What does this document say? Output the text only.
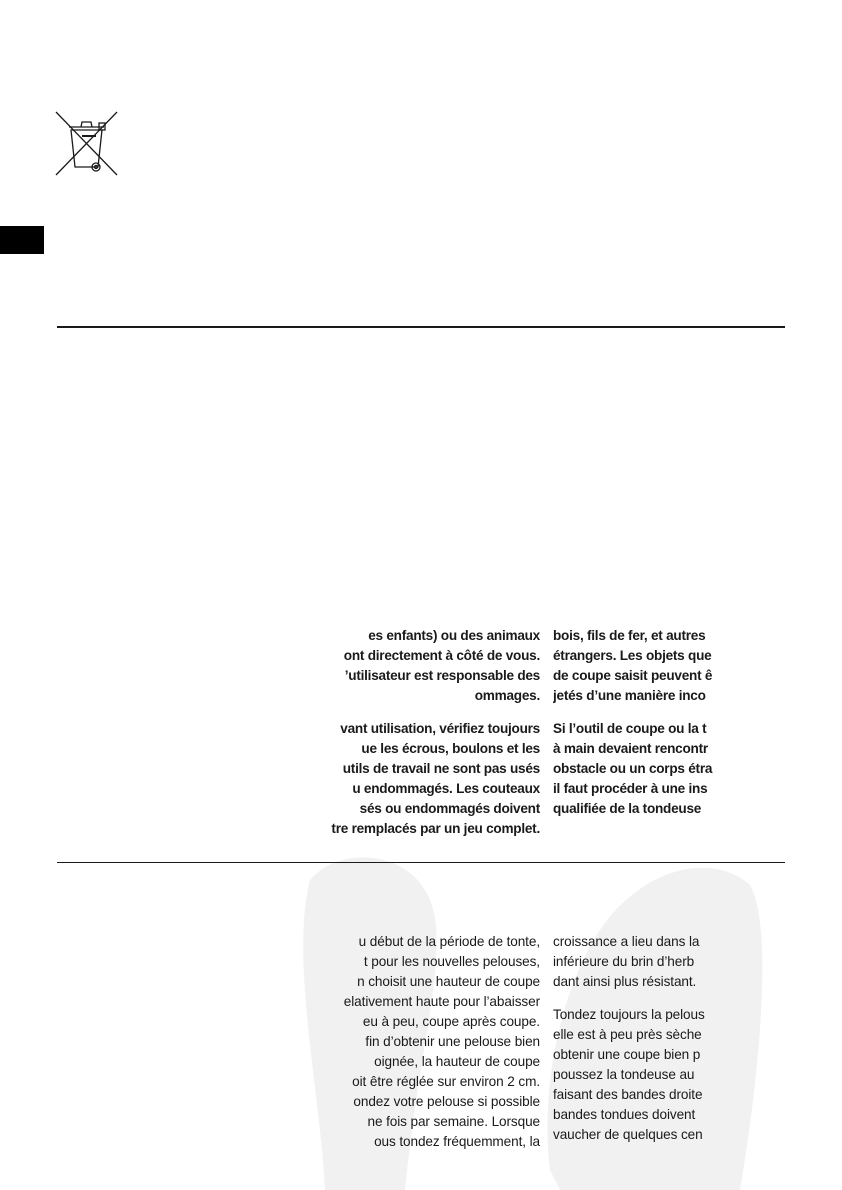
es enfants) ou des animaux
ont directement à côté de vous.
’utilisateur est responsable des
ommages.
vant utilisation, vérifiez toujours
ue les écrous, boulons et les
utils de travail ne sont pas usés
u endommagés. Les couteaux
sés ou endommagés doivent
tre remplacés par un jeu complet.
bois, fils de fer, et autres
étrangers. Les objets que
de coupe saisit peuvent ê
jetés d’une manière inco
Si l’outil de coupe ou la t
à main devaient rencontr
obstacle ou un corps étra
il faut procéder à une ins
qualifiée de la tondeuse
u début de la période de tonte,
t pour les nouvelles pelouses,
n choisit une hauteur de coupe
elativement haute pour l’abaisser
eu à peu, coupe après coupe.
fin d’obtenir une pelouse bien
oignée, la hauteur de coupe
oit être réglée sur environ 2 cm.
ondez votre pelouse si possible
ne fois par semaine. Lorsque
ous tondez fréquemment, la
croissance a lieu dans la
inférieure du brin d’herb
dant ainsi plus résistant.
Tondez toujours la pelous
elle est à peu près sèche
obtenir une coupe bien p
poussez la tondeuse au
faisant des bandes droite
bandes tondues doivent
vaucher de quelques cen
